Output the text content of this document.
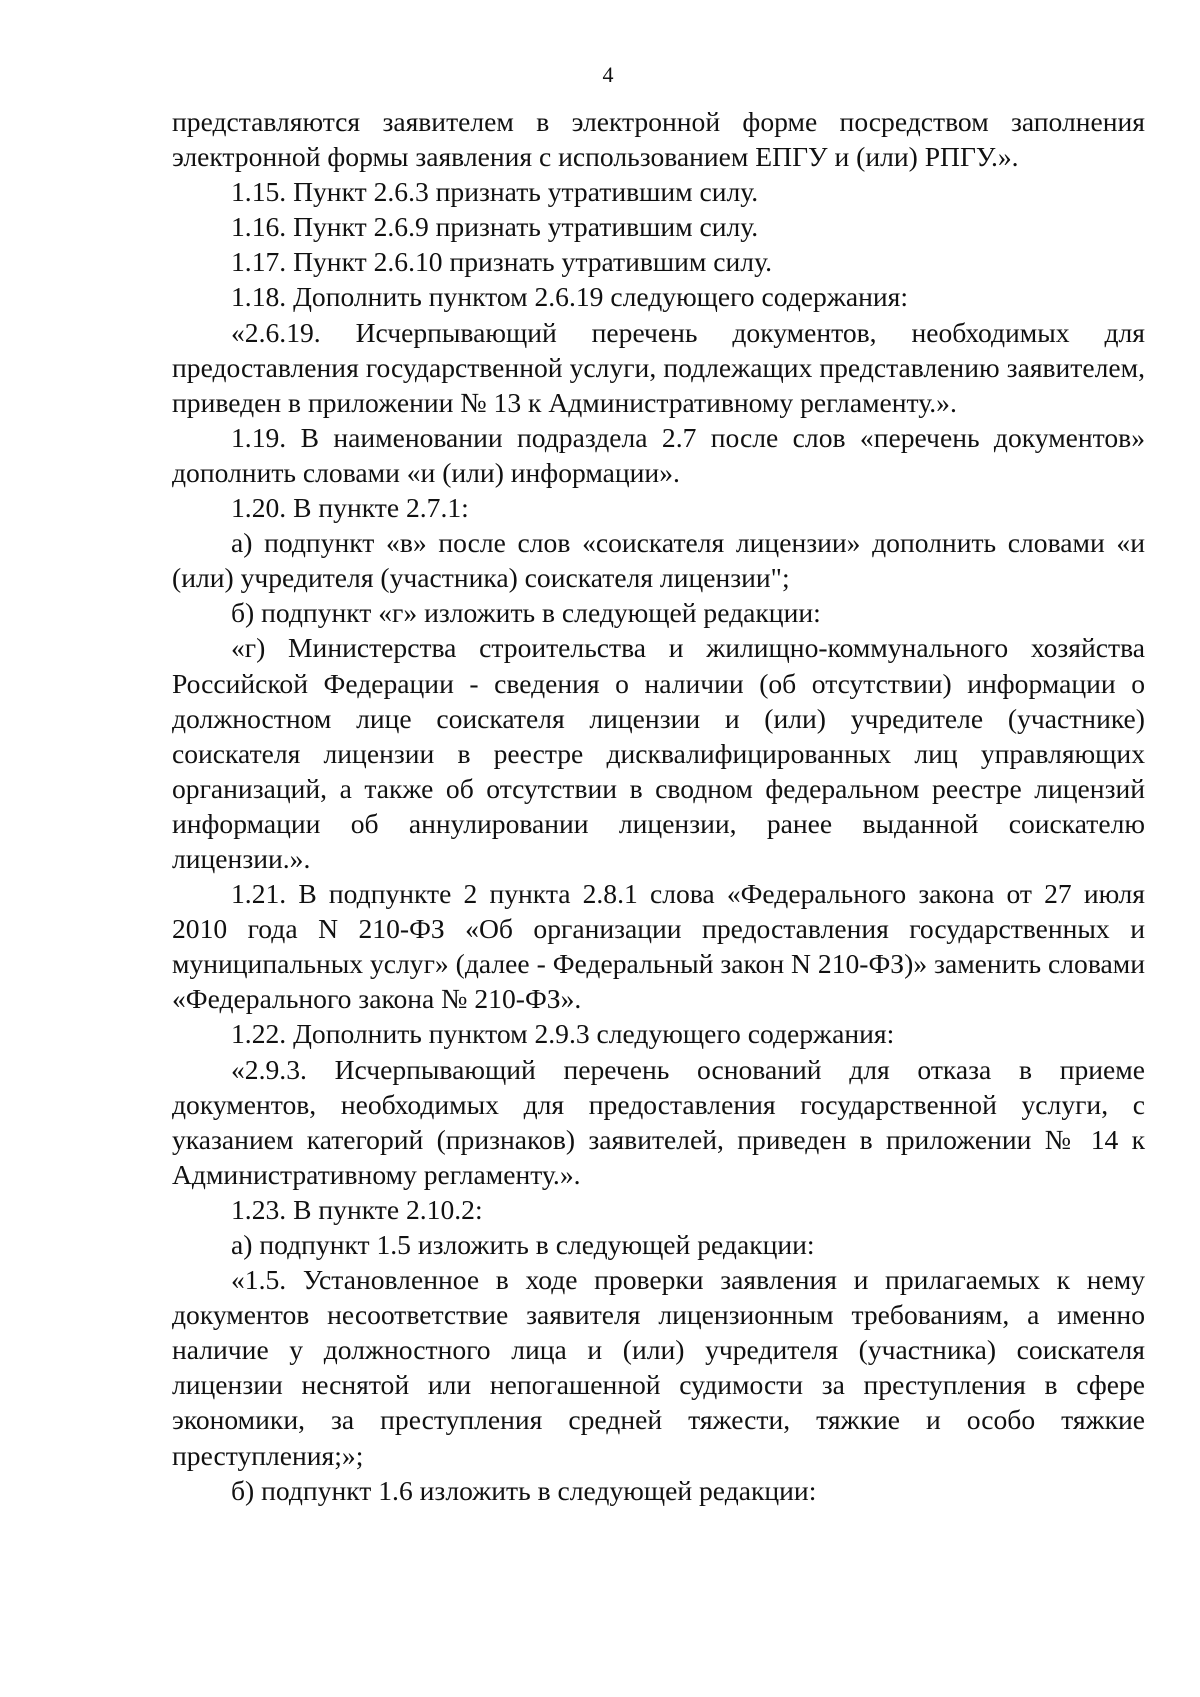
4

представляются заявителем в электронной форме посредством заполнения электронной формы заявления с использованием ЕПГУ и (или) РПГУ.».

1.15. Пункт 2.6.3 признать утратившим силу.

1.16. Пункт 2.6.9 признать утратившим силу.

1.17. Пункт 2.6.10 признать утратившим силу.

1.18. Дополнить пунктом 2.6.19 следующего содержания:

«2.6.19. Исчерпывающий перечень документов, необходимых для предоставления государственной услуги, подлежащих представлению заявителем, приведен в приложении № 13 к Административному регламенту.».

1.19. В наименовании подраздела 2.7 после слов «перечень документов» дополнить словами «и (или) информации».

1.20. В пункте 2.7.1:

а) подпункт «в» после слов «соискателя лицензии» дополнить словами «и (или) учредителя (участника) соискателя лицензии";

б) подпункт «г» изложить в следующей редакции:

«г) Министерства строительства и жилищно-коммунального хозяйства Российской Федерации - сведения о наличии (об отсутствии) информации о должностном лице соискателя лицензии и (или) учредителе (участнике) соискателя лицензии в реестре дисквалифицированных лиц управляющих организаций, а также об отсутствии в сводном федеральном реестре лицензий информации об аннулировании лицензии, ранее выданной соискателю лицензии.».

1.21. В подпункте 2 пункта 2.8.1 слова «Федерального закона от 27 июля 2010 года N 210-ФЗ «Об организации предоставления государственных и муниципальных услуг» (далее - Федеральный закон N 210-ФЗ)» заменить словами «Федерального закона № 210-ФЗ».

1.22. Дополнить пунктом 2.9.3 следующего содержания:

«2.9.3. Исчерпывающий перечень оснований для отказа в приеме документов, необходимых для предоставления государственной услуги, с указанием категорий (признаков) заявителей, приведен в приложении № 14 к Административному регламенту.».

1.23. В пункте 2.10.2:

а) подпункт 1.5 изложить в следующей редакции:

«1.5. Установленное в ходе проверки заявления и прилагаемых к нему документов несоответствие заявителя лицензионным требованиям, а именно наличие у должностного лица и (или) учредителя (участника) соискателя лицензии неснятой или непогашенной судимости за преступления в сфере экономики, за преступления средней тяжести, тяжкие и особо тяжкие преступления;»;

б) подпункт 1.6 изложить в следующей редакции:
